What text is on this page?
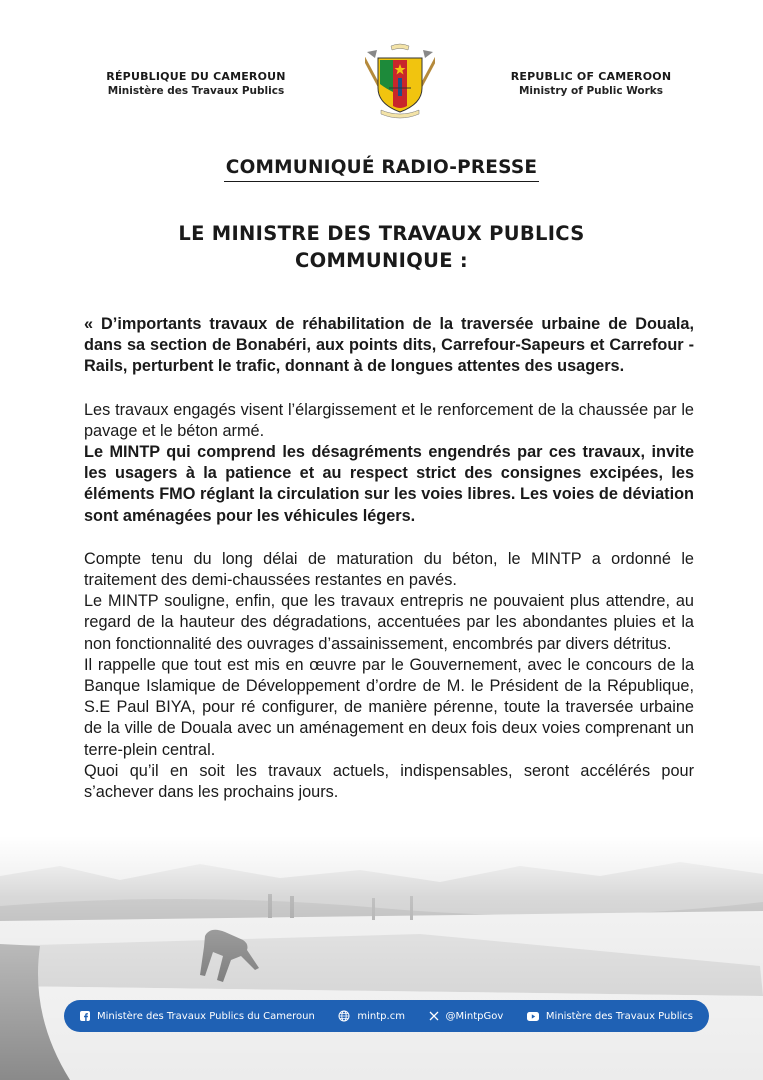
RÉPUBLIQUE DU CAMEROUN
Ministère des Travaux Publics
REPUBLIC OF CAMEROON
Ministry of Public Works
COMMUNIQUÉ RADIO-PRESSE
LE MINISTRE DES TRAVAUX PUBLICS
COMMUNIQUE :

« D’importants travaux de réhabilitation de la traversée urbaine de Douala, dans sa section de Bonabéri, aux points dits, Carrefour-Sapeurs et Carrefour -Rails, perturbent le trafic, donnant à de longues attentes des usagers.

Les travaux engagés visent l’élargissement et le renforcement de la chaussée par le pavage et le béton armé.

Le MINTP qui comprend les désagréments engendrés par ces travaux, invite les usagers à la patience et au respect strict des consignes excipées, les éléments FMO réglant la circulation sur les voies libres. Les voies de déviation sont aménagées pour les véhicules légers.

Compte tenu du long délai de maturation du béton, le MINTP a ordonné le traitement des demi-chaussées restantes en pavés.

Le MINTP souligne, enfin, que les travaux entrepris ne pouvaient plus attendre, au regard de la hauteur des dégradations, accentuées par les abondantes pluies et la non fonctionnalité des ouvrages d’assainissement, encombrés par divers détritus.

Il rappelle que tout est mis en œuvre par le Gouvernement, avec le concours de la Banque Islamique de Développement d’ordre de M. le Président de la République, S.E Paul BIYA, pour ré configurer, de manière pérenne, toute la traversée urbaine de la ville de Douala avec un aménagement en deux fois deux voies comprenant un terre-plein central.

Quoi qu’il en soit les travaux actuels, indispensables, seront accélérés pour s’achever dans les prochains jours.

Ministère des Travaux Publics du Cameroun	mintp.cm	@MintpGov	Ministère des Travaux Publics
